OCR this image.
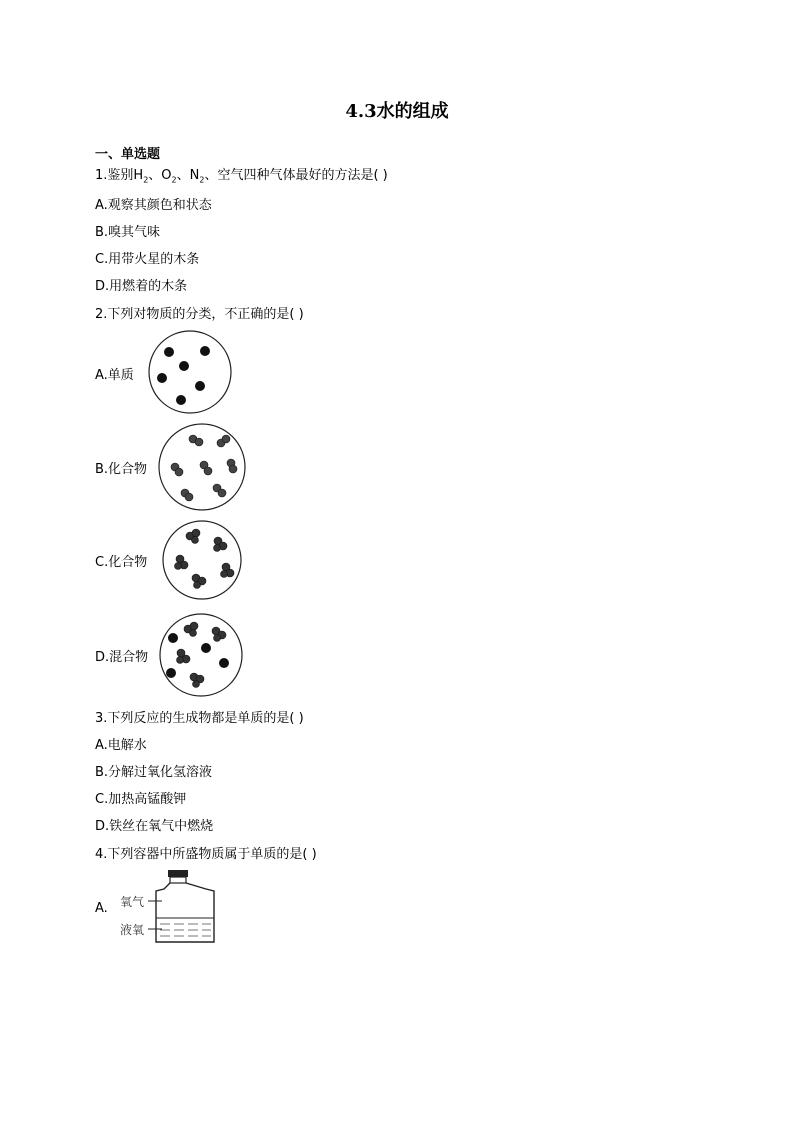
4.3水的组成
一、单选题
1.鉴别$H_2$、$O_2$、$N_2$、空气四种气体最好的方法是( )
A.观察其颜色和状态
B.嗅其气味
C.用带火星的木条
D.用燃着的木条
2.下列对物质的分类，不正确的是( )
A.单质
B.化合物
C.化合物
D.混合物
3.下列反应的生成物都是单质的是( )
A.电解水
B.分解过氧化氢溶液
C.加热高锰酸钾
D.铁丝在氧气中燃烧
4.下列容器中所盛物质属于单质的是( )
A. 氧气
液氧
